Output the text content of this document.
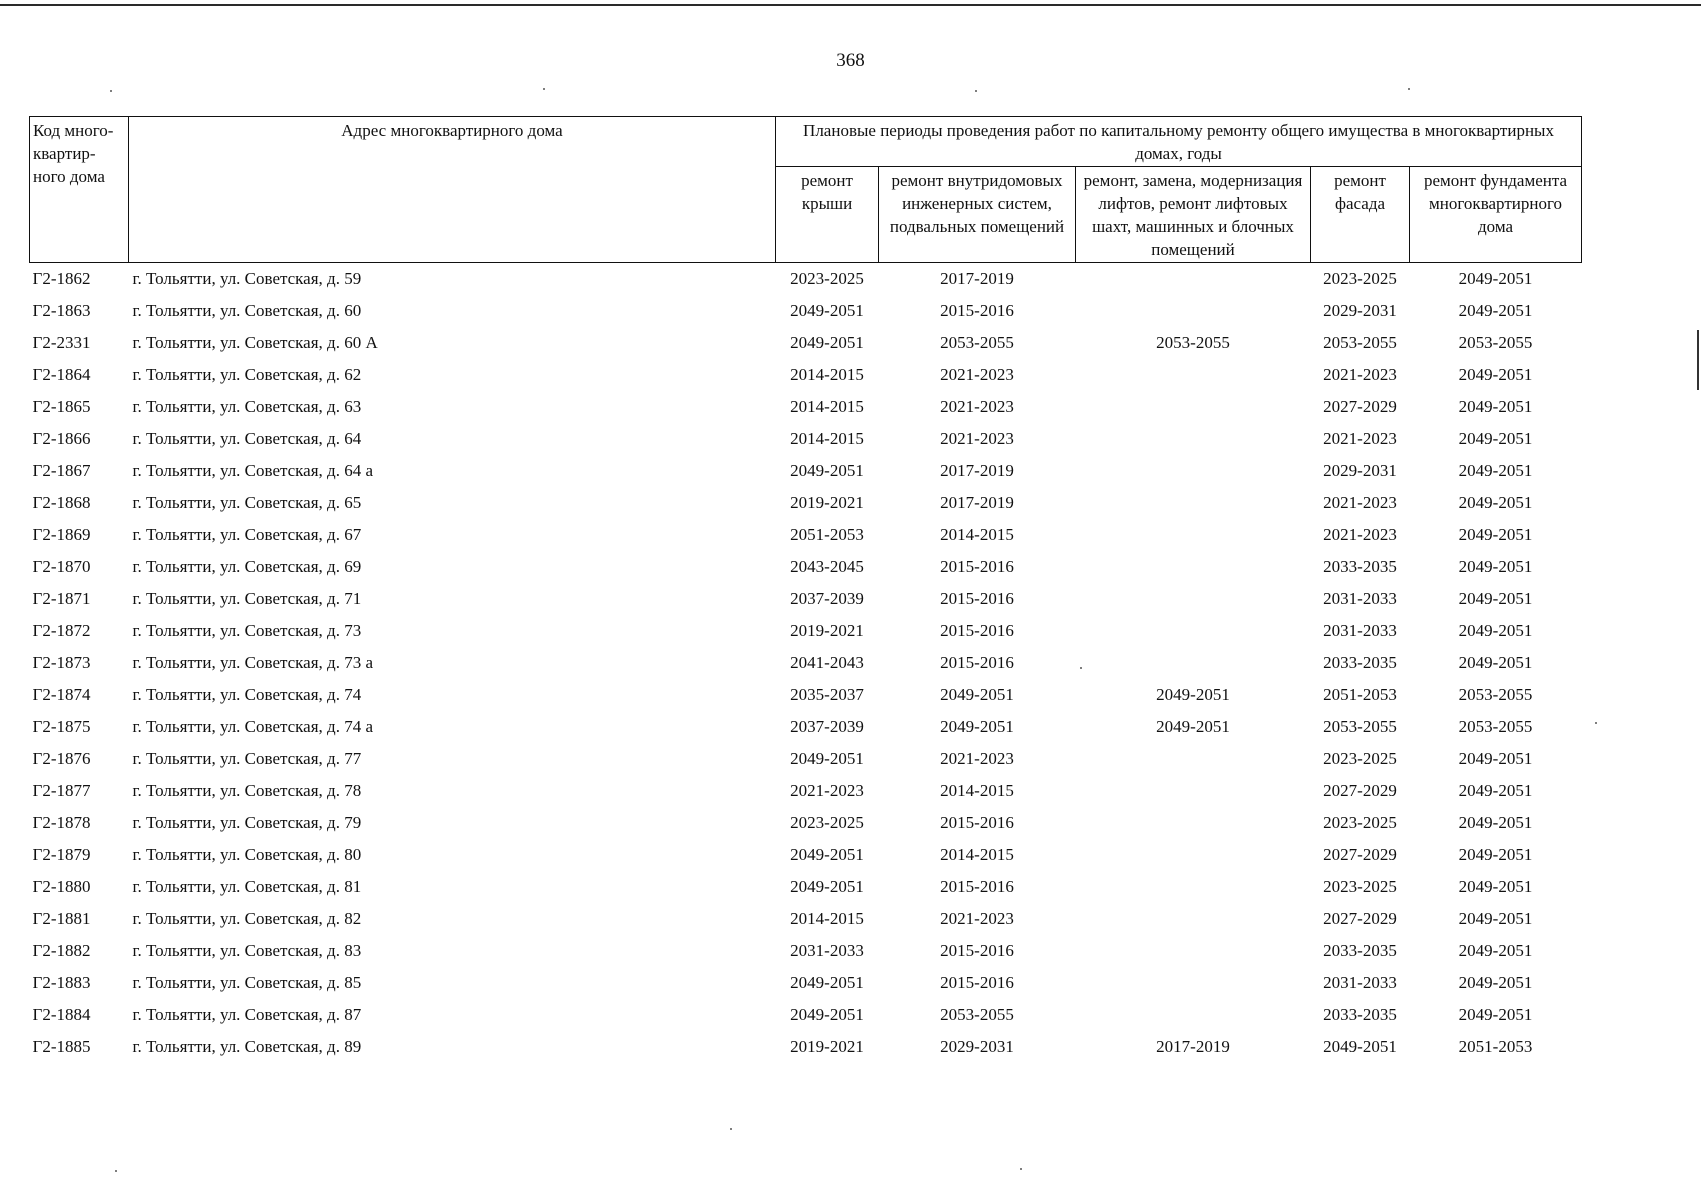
368
Код много-квартир-ного дома	Адрес многоквартирного дома	Плановые периоды проведения работ по капитальному ремонту общего имущества в многоквартирных домах, годы				
		ремонт крыши	ремонт внутридомовых инженерных систем, подвальных помещений	ремонт, замена, модернизация лифтов, ремонт лифтовых шахт, машинных и блочных помещений	ремонт фасада	ремонт фундамента многоквартирного дома
Г2-1862	г. Тольятти, ул. Советская, д. 59	2023-2025	2017-2019		2023-2025	2049-2051
Г2-1863	г. Тольятти, ул. Советская, д. 60	2049-2051	2015-2016		2029-2031	2049-2051
Г2-2331	г. Тольятти, ул. Советская, д. 60 А	2049-2051	2053-2055	2053-2055	2053-2055	2053-2055
Г2-1864	г. Тольятти, ул. Советская, д. 62	2014-2015	2021-2023		2021-2023	2049-2051
Г2-1865	г. Тольятти, ул. Советская, д. 63	2014-2015	2021-2023		2027-2029	2049-2051
Г2-1866	г. Тольятти, ул. Советская, д. 64	2014-2015	2021-2023		2021-2023	2049-2051
Г2-1867	г. Тольятти, ул. Советская, д. 64 а	2049-2051	2017-2019		2029-2031	2049-2051
Г2-1868	г. Тольятти, ул. Советская, д. 65	2019-2021	2017-2019		2021-2023	2049-2051
Г2-1869	г. Тольятти, ул. Советская, д. 67	2051-2053	2014-2015		2021-2023	2049-2051
Г2-1870	г. Тольятти, ул. Советская, д. 69	2043-2045	2015-2016		2033-2035	2049-2051
Г2-1871	г. Тольятти, ул. Советская, д. 71	2037-2039	2015-2016		2031-2033	2049-2051
Г2-1872	г. Тольятти, ул. Советская, д. 73	2019-2021	2015-2016		2031-2033	2049-2051
Г2-1873	г. Тольятти, ул. Советская, д. 73 а	2041-2043	2015-2016		2033-2035	2049-2051
Г2-1874	г. Тольятти, ул. Советская, д. 74	2035-2037	2049-2051	2049-2051	2051-2053	2053-2055
Г2-1875	г. Тольятти, ул. Советская, д. 74 а	2037-2039	2049-2051	2049-2051	2053-2055	2053-2055
Г2-1876	г. Тольятти, ул. Советская, д. 77	2049-2051	2021-2023		2023-2025	2049-2051
Г2-1877	г. Тольятти, ул. Советская, д. 78	2021-2023	2014-2015		2027-2029	2049-2051
Г2-1878	г. Тольятти, ул. Советская, д. 79	2023-2025	2015-2016		2023-2025	2049-2051
Г2-1879	г. Тольятти, ул. Советская, д. 80	2049-2051	2014-2015		2027-2029	2049-2051
Г2-1880	г. Тольятти, ул. Советская, д. 81	2049-2051	2015-2016		2023-2025	2049-2051
Г2-1881	г. Тольятти, ул. Советская, д. 82	2014-2015	2021-2023		2027-2029	2049-2051
Г2-1882	г. Тольятти, ул. Советская, д. 83	2031-2033	2015-2016		2033-2035	2049-2051
Г2-1883	г. Тольятти, ул. Советская, д. 85	2049-2051	2015-2016		2031-2033	2049-2051
Г2-1884	г. Тольятти, ул. Советская, д. 87	2049-2051	2053-2055		2033-2035	2049-2051
Г2-1885	г. Тольятти, ул. Советская, д. 89	2019-2021	2029-2031	2017-2019	2049-2051	2051-2053
